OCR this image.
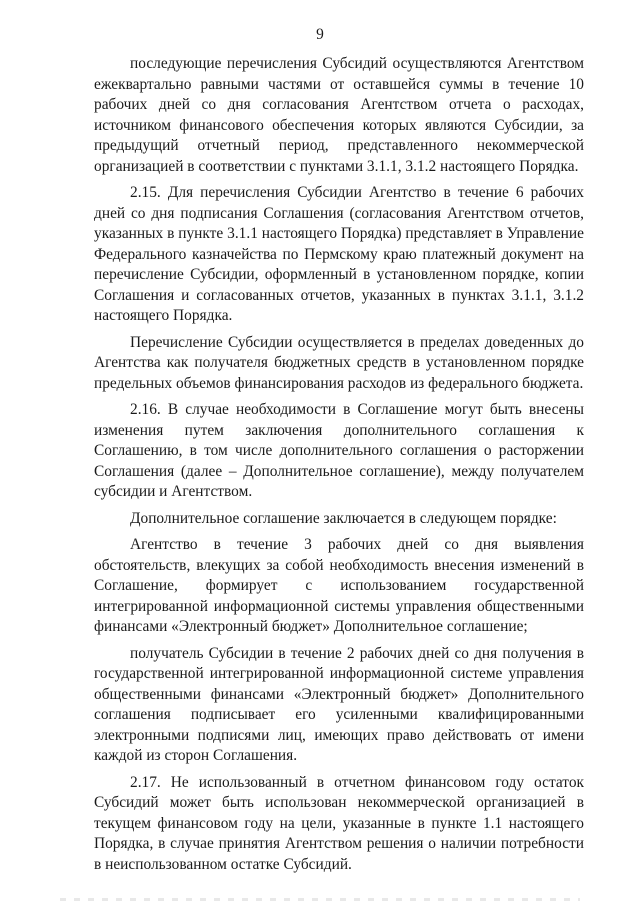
9

последующие перечисления Субсидий осуществляются Агентством ежеквартально равными частями от оставшейся суммы в течение 10 рабочих дней со дня согласования Агентством отчета о расходах, источником финансового обеспечения которых являются Субсидии, за предыдущий отчетный период, представленного некоммерческой организацией в соответствии с пунктами 3.1.1, 3.1.2 настоящего Порядка.

2.15. Для перечисления Субсидии Агентство в течение 6 рабочих дней со дня подписания Соглашения (согласования Агентством отчетов, указанных в пункте 3.1.1 настоящего Порядка) представляет в Управление Федерального казначейства по Пермскому краю платежный документ на перечисление Субсидии, оформленный в установленном порядке, копии Соглашения и согласованных отчетов, указанных в пунктах 3.1.1, 3.1.2 настоящего Порядка.

Перечисление Субсидии осуществляется в пределах доведенных до Агентства как получателя бюджетных средств в установленном порядке предельных объемов финансирования расходов из федерального бюджета.

2.16. В случае необходимости в Соглашение могут быть внесены изменения путем заключения дополнительного соглашения к Соглашению, в том числе дополнительного соглашения о расторжении Соглашения (далее – Дополнительное соглашение), между получателем субсидии и Агентством.

Дополнительное соглашение заключается в следующем порядке:

Агентство в течение 3 рабочих дней со дня выявления обстоятельств, влекущих за собой необходимость внесения изменений в Соглашение, формирует с использованием государственной интегрированной информационной системы управления общественными финансами «Электронный бюджет» Дополнительное соглашение;

получатель Субсидии в течение 2 рабочих дней со дня получения в государственной интегрированной информационной системе управления общественными финансами «Электронный бюджет» Дополнительного соглашения подписывает его усиленными квалифицированными электронными подписями лиц, имеющих право действовать от имени каждой из сторон Соглашения.

2.17. Не использованный в отчетном финансовом году остаток Субсидий может быть использован некоммерческой организацией в текущем финансовом году на цели, указанные в пункте 1.1 настоящего Порядка, в случае принятия Агентством решения о наличии потребности в неиспользованном остатке Субсидий.
